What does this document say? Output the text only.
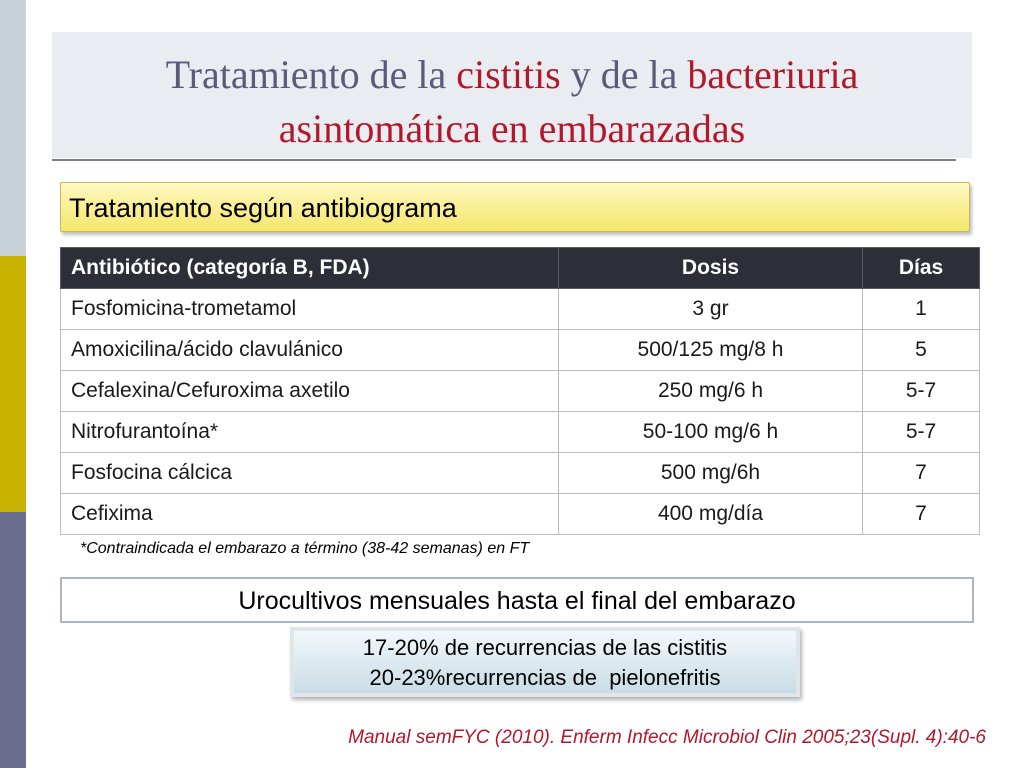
Tratamiento de la cistitis y de la bacteriuria
asintomática en embarazadas
Tratamiento según antibiograma
Antibiótico (categoría B, FDA)	Dosis	Días
Fosfomicina-trometamol	3 gr	1
Amoxicilina/ácido clavulánico	500/125 mg/8 h	5
Cefalexina/Cefuroxima axetilo	250 mg/6 h	5-7
Nitrofurantoína*	50-100 mg/6 h	5-7
Fosfocina cálcica	500 mg/6h	7
Cefixima	400 mg/día	7
*Contraindicada el embarazo a término (38-42 semanas) en FT
Urocultivos mensuales hasta el final del embarazo
17-20% de recurrencias de las cistitis
20-23%recurrencias de  pielonefritis
Manual semFYC (2010). Enferm Infecc Microbiol Clin 2005;23(Supl. 4):40-6
